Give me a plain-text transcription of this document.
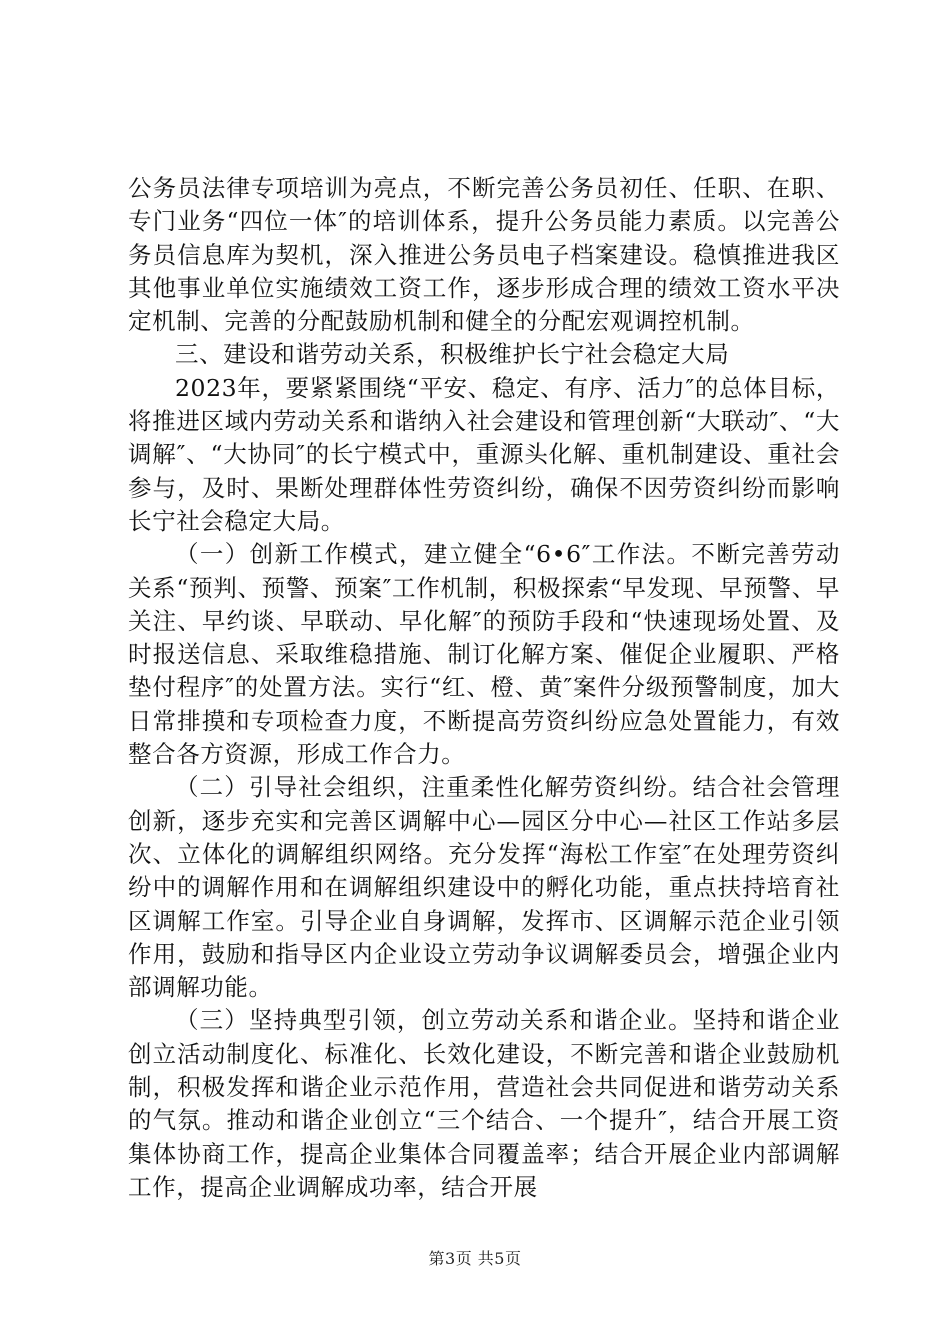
公务员法律专项培训为亮点，不断完善公务员初任、任职、在职、专门业务“四位一体″的培训体系，提升公务员能力素质。以完善公务员信息库为契机，深入推进公务员电子档案建设。稳慎推进我区其他事业单位实施绩效工资工作，逐步形成合理的绩效工资水平决定机制、完善的分配鼓励机制和健全的分配宏观调控机制。

三、建设和谐劳动关系，积极维护长宁社会稳定大局

2023年，要紧紧围绕“平安、稳定、有序、活力″的总体目标，将推进区域内劳动关系和谐纳入社会建设和管理创新“大联动″、“大调解″、“大协同″的长宁模式中，重源头化解、重机制建设、重社会参与，及时、果断处理群体性劳资纠纷，确保不因劳资纠纷而影响长宁社会稳定大局。

（一）创新工作模式，建立健全“6•6″工作法。不断完善劳动关系“预判、预警、预案″工作机制，积极探索“早发现、早预警、早关注、早约谈、早联动、早化解″的预防手段和“快速现场处置、及时报送信息、采取维稳措施、制订化解方案、催促企业履职、严格垫付程序″的处置方法。实行“红、橙、黄″案件分级预警制度，加大日常排摸和专项检查力度，不断提高劳资纠纷应急处置能力，有效整合各方资源，形成工作合力。

（二）引导社会组织，注重柔性化解劳资纠纷。结合社会管理创新，逐步充实和完善区调解中心—园区分中心—社区工作站多层次、立体化的调解组织网络。充分发挥“海松工作室″在处理劳资纠纷中的调解作用和在调解组织建设中的孵化功能，重点扶持培育社区调解工作室。引导企业自身调解，发挥市、区调解示范企业引领作用，鼓励和指导区内企业设立劳动争议调解委员会，增强企业内部调解功能。

（三）坚持典型引领，创立劳动关系和谐企业。坚持和谐企业创立活动制度化、标准化、长效化建设，不断完善和谐企业鼓励机制，积极发挥和谐企业示范作用，营造社会共同促进和谐劳动关系的气氛。推动和谐企业创立“三个结合、一个提升″，结合开展工资集体协商工作，提高企业集体合同覆盖率；结合开展企业内部调解工作，提高企业调解成功率，结合开展

第3页 共5页
